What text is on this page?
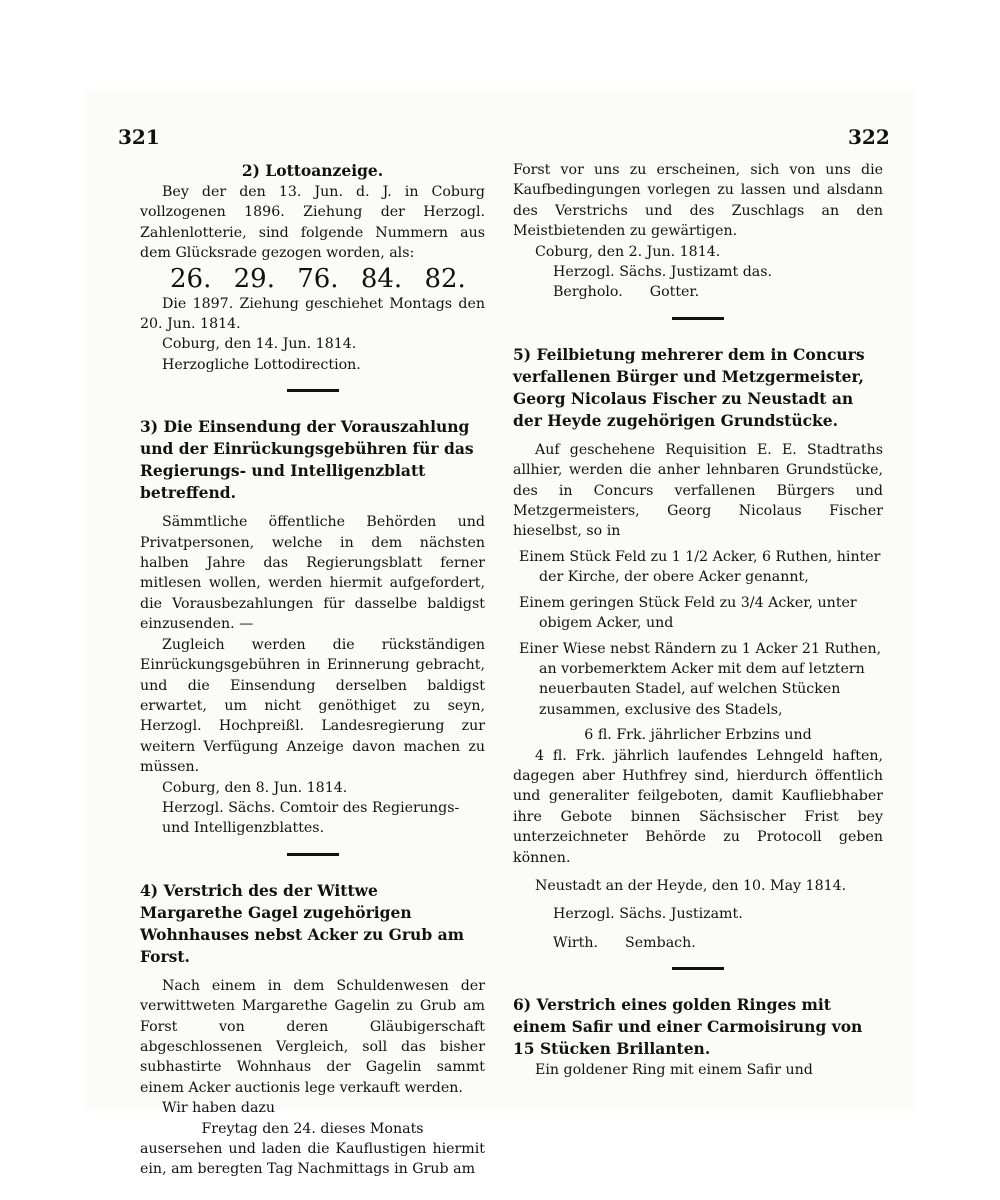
321	322

2) Lottoanzeige.

Bey der den 13. Jun. d. J. in Coburg vollzogenen 1896. Ziehung der Herzogl. Zahlenlotterie, sind folgende Nummern aus dem Glücksrade gezogen worden, als:

26. 29. 76. 84. 82.

Die 1897. Ziehung geschiehet Montags den 20. Jun. 1814.

Coburg, den 14. Jun. 1814.

Herzogliche Lottodirection.

3) Die Einsendung der Vorauszahlung und der Einrückungsgebühren für das Regierungs- und Intelligenzblatt betreffend.

Sämmtliche öffentliche Behörden und Privatpersonen, welche in dem nächsten halben Jahre das Regierungsblatt ferner mitlesen wollen, werden hiermit aufgefordert, die Vorausbezahlungen für dasselbe baldigst einzusenden. —

Zugleich werden die rückständigen Einrückungsgebühren in Erinnerung gebracht, und die Einsendung derselben baldigst erwartet, um nicht genöthiget zu seyn, Herzogl. Hochpreißl. Landesregierung zur weitern Verfügung Anzeige davon machen zu müssen.

Coburg, den 8. Jun. 1814.

Herzogl. Sächs. Comtoir des Regierungs- und Intelligenzblattes.

4) Verstrich des der Wittwe Margarethe Gagel zugehörigen Wohnhauses nebst Acker zu Grub am Forst.

Nach einem in dem Schuldenwesen der verwittweten Margarethe Gagelin zu Grub am Forst von deren Gläubigerschaft abgeschlossenen Vergleich, soll das bisher subhastirte Wohnhaus der Gagelin sammt einem Acker auctionis lege verkauft werden.

Wir haben dazu

Freytag den 24. dieses Monats

ausersehen und laden die Kauflustigen hiermit ein, am beregten Tag Nachmittags in Grub am

Forst vor uns zu erscheinen, sich von uns die Kaufbedingungen vorlegen zu lassen und alsdann des Verstrichs und des Zuschlags an den Meistbietenden zu gewärtigen.

Coburg, den 2. Jun. 1814.

Herzogl. Sächs. Justizamt das.

Bergholo.      Gotter.

5) Feilbietung mehrerer dem in Concurs verfallenen Bürger und Metzgermeister, Georg Nicolaus Fischer zu Neustadt an der Heyde zugehörigen Grundstücke.

Auf geschehene Requisition E. E. Stadtraths allhier, werden die anher lehnbaren Grundstücke, des in Concurs verfallenen Bürgers und Metzgermeisters, Georg Nicolaus Fischer hieselbst, so in

Einem Stück Feld zu 1 1/2 Acker, 6 Ruthen, hinter der Kirche, der obere Acker genannt,

Einem geringen Stück Feld zu 3/4 Acker, unter obigem Acker, und

Einer Wiese nebst Rändern zu 1 Acker 21 Ruthen, an vorbemerktem Acker mit dem auf letztern neuerbauten Stadel, auf welchen Stücken zusammen, exclusive des Stadels,

6 fl. Frk. jährlicher Erbzins und

4 fl. Frk. jährlich laufendes Lehngeld haften, dagegen aber Huthfrey sind, hierdurch öffentlich und generaliter feilgeboten, damit Kaufliebhaber ihre Gebote binnen Sächsischer Frist bey unterzeichneter Behörde zu Protocoll geben können.

Neustadt an der Heyde, den 10. May 1814.

Herzogl. Sächs. Justizamt.

Wirth.      Sembach.

6) Verstrich eines golden Ringes mit einem Safir und einer Carmoisirung von 15 Stücken Brillanten.

Ein goldener Ring mit einem Safir und
